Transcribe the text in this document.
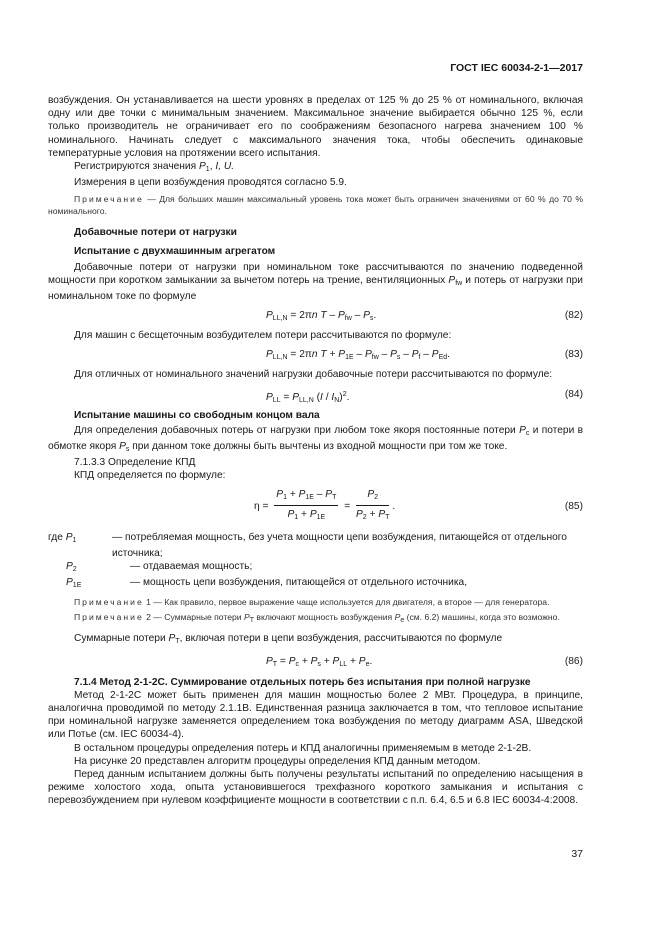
ГОСТ IEC 60034-2-1—2017

возбуждения. Он устанавливается на шести уровнях в пределах от 125 % до 25 % от номинального, включая одну или две точки с минимальным значением. Максимальное значение выбирается обычно 125 %, если только производитель не ограничивает его по соображениям безопасного нагрева значением 100 % номинального. Начинать следует с максимального значения тока, чтобы обеспечить одинаковые температурные условия на протяжении всего испытания.

Регистрируются значения $P_1$, I, U.

Измерения в цепи возбуждения проводятся согласно 5.9.

Примечание — Для больших машин максимальный уровень тока может быть ограничен значениями от 60 % до 70 % номинального.

Добавочные потери от нагрузки

Испытание с двухмашинным агрегатом

Добавочные потери от нагрузки при номинальном токе рассчитываются по значению подведенной мощности при коротком замыкании за вычетом потерь на трение, вентиляционных $P_{fw}$ и потерь от нагрузки при номинальном токе по формуле

$P_{LL,N} = 2\pi n$ T – $P_{fw} - P_s$.	(82)

Для машин с бесщеточным возбудителем потери рассчитываются по формуле:

$P_{LL,N} = 2\pi n$ $T + P_{1E} - P_{fw} - P_s - P_f - P_{Ed}$.	(83)

Для отличных от номинального значений нагрузки добавочные потери рассчитываются по формуле:

$P_{LL} = P_{LL,N}$ $(I / I_N)^2$.	(84)

Испытание машины со свободным концом вала

Для определения добавочных потерь от нагрузки при любом токе якоря постоянные потери $P_c$ и потери в обмотке якоря $P_s$ при данном токе должны быть вычтены из входной мощности при том же токе.

7.1.3.3 Определение КПД

КПД определяется по формуле:

$\eta = \frac{P_1 + P_{1E} - P_T}{P_1 + P_{1E}} = \frac{P_2}{P_2 + P_T}$ .	(85)
где $P_1$	— потребляемая мощность, без учета мощности цепи возбуждения, питающейся от отдельного
источника;
$P_2$	— отдаваемая мощность;
$P_{1E}$	— мощность цепи возбуждения, питающейся от отдельного источника,

Примечание 1 — Как правило, первое выражение чаще используется для двигателя, а второе — для генератора.

Примечание 2 — Суммарные потери $P_T$ включают мощность возбуждения $P_e$ (см. 6.2) машины, когда это возможно.

Суммарные потери $P_T$, включая потери в цепи возбуждения, рассчитываются по формуле

$P_T = P_c + P_s + P_{LL} + P_e$.	(86)

7.1.4 Метод 2-1-2С. Суммирование отдельных потерь без испытания при полной нагрузке

Метод 2-1-2С может быть применен для машин мощностью более 2 МВт. Процедура, в принципе, аналогична проводимой по методу 2.1.1В. Единственная разница заключается в том, что тепловое испытание при номинальной нагрузке заменяется определением тока возбуждения по методу диаграмм ASA, Шведской или Потье (см. IEC 60034-4).

В остальном процедуры определения потерь и КПД аналогичны применяемым в методе 2-1-2В.

На рисунке 20 представлен алгоритм процедуры определения КПД данным методом.

Перед данным испытанием должны быть получены результаты испытаний по определению насыщения в режиме холостого хода, опыта установившегося трехфазного короткого замыкания и испытания с перевозбуждением при нулевом коэффициенте мощности в соответствии с п.п. 6.4, 6.5 и 6.8 IEC 60034-4:2008.

37
